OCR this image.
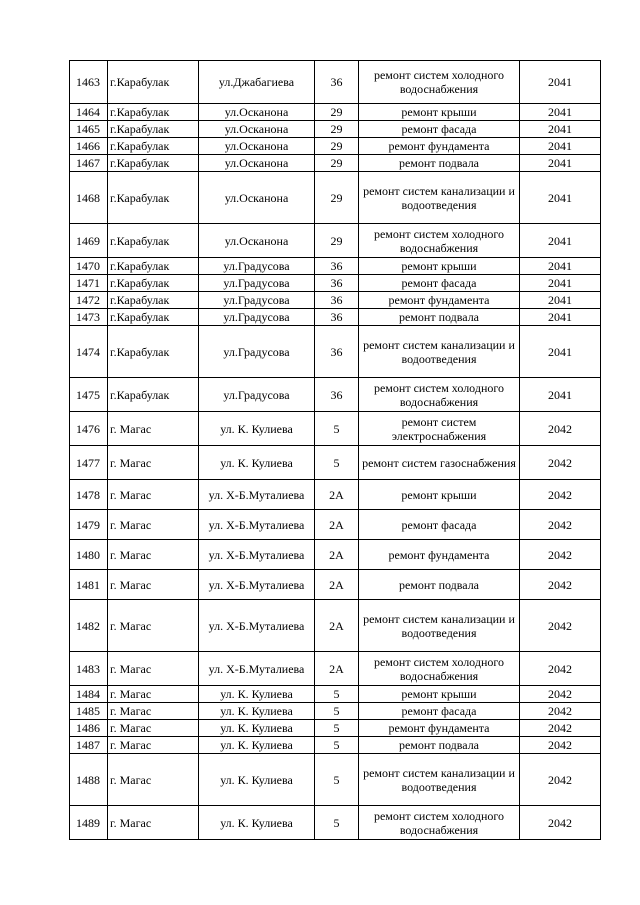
1463	г.Карабулак	ул.Джабагиева	36	ремонт систем холодного водоснабжения	2041
1464	г.Карабулак	ул.Осканона	29	ремонт крыши	2041
1465	г.Карабулак	ул.Осканона	29	ремонт фасада	2041
1466	г.Карабулак	ул.Осканона	29	ремонт фундамента	2041
1467	г.Карабулак	ул.Осканона	29	ремонт подвала	2041
1468	г.Карабулак	ул.Осканона	29	ремонт систем канализации и водоотведения	2041
1469	г.Карабулак	ул.Осканона	29	ремонт систем холодного водоснабжения	2041
1470	г.Карабулак	ул.Градусова	36	ремонт крыши	2041
1471	г.Карабулак	ул.Градусова	36	ремонт фасада	2041
1472	г.Карабулак	ул.Градусова	36	ремонт фундамента	2041
1473	г.Карабулак	ул.Градусова	36	ремонт подвала	2041
1474	г.Карабулак	ул.Градусова	36	ремонт систем канализации и водоотведения	2041
1475	г.Карабулак	ул.Градусова	36	ремонт систем холодного водоснабжения	2041
1476	г. Магас	ул. К. Кулиева	5	ремонт систем электроснабжения	2042
1477	г. Магас	ул. К. Кулиева	5	ремонт систем газоснабжения	2042
1478	г. Магас	ул. Х-Б.Муталиева	2А	ремонт крыши	2042
1479	г. Магас	ул. Х-Б.Муталиева	2А	ремонт фасада	2042
1480	г. Магас	ул. Х-Б.Муталиева	2А	ремонт фундамента	2042
1481	г. Магас	ул. Х-Б.Муталиева	2А	ремонт подвала	2042
1482	г. Магас	ул. Х-Б.Муталиева	2А	ремонт систем канализации и водоотведения	2042
1483	г. Магас	ул. Х-Б.Муталиева	2А	ремонт систем холодного водоснабжения	2042
1484	г. Магас	ул. К. Кулиева	5	ремонт крыши	2042
1485	г. Магас	ул. К. Кулиева	5	ремонт фасада	2042
1486	г. Магас	ул. К. Кулиева	5	ремонт фундамента	2042
1487	г. Магас	ул. К. Кулиева	5	ремонт подвала	2042
1488	г. Магас	ул. К. Кулиева	5	ремонт систем канализации и водоотведения	2042
1489	г. Магас	ул. К. Кулиева	5	ремонт систем холодного водоснабжения	2042
